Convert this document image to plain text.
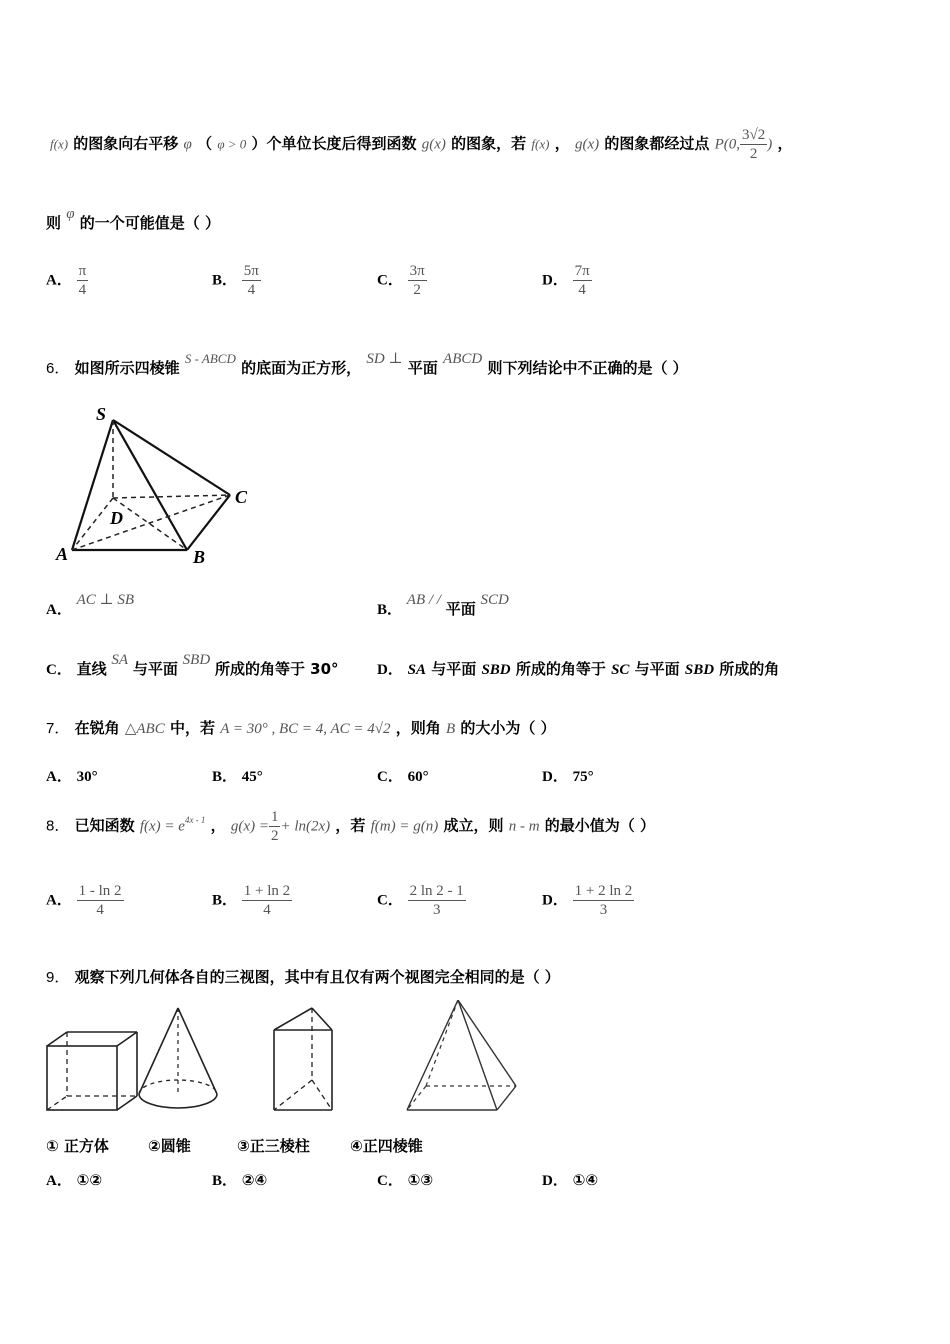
f(x) 的图象向右平移 φ （ φ > 0 ）个单位长度后得到函数 g(x) 的图象，若 f(x) ， g(x) 的图象都经过点 P(0, $\frac{3√2}{2}$ ) ，
则 φ 的一个可能值是（ ）
A． $\frac{\pi}{4}$	B． $\frac{5\pi}{4}$	C． $\frac{3\pi}{2}$	D． $\frac{7\pi}{4}$
6． 如图所示四棱锥 S - ABCD 的底面为正方形， SD ⊥ 平面 ABCD 则下列结论中不正确的是（ ）
S
A	B
C
D
A． AC ⊥ SB
B． AB / / 平面 SCD
C． 直线 SA 与平面 SBD 所成的角等于 30°	D． SA 与平面 SBD 所成的角等于 SC 与平面 SBD 所成的角
7． 在锐角 △ABC 中，若 A = 30° , BC = 4, AC = 4√2 ，则角 B 的大小为（ ）
A． 30°	B． 45°	C． 60°	D． 75°
8． 已知函数 $f(x) = e^{4x - 1}$ ， $g(x) = \frac{1}{2} + \ln(2x)$ ，若 f(m) = g(n) 成立，则 n - m 的最小值为（ ）
A． $\frac{1 - \ln 2}{4}$	B． $\frac{1 + \ln 2}{4}$	C． $\frac{2 \ln 2 - 1}{3}$	D． $\frac{1 + 2 \ln 2}{3}$
9． 观察下列几何体各自的三视图，其中有且仅有两个视图完全相同的是（ ）
① 正方体	②圆锥	③正三棱柱	④正四棱锥
A． ①②	B． ②④	C． ①③	D． ①④
